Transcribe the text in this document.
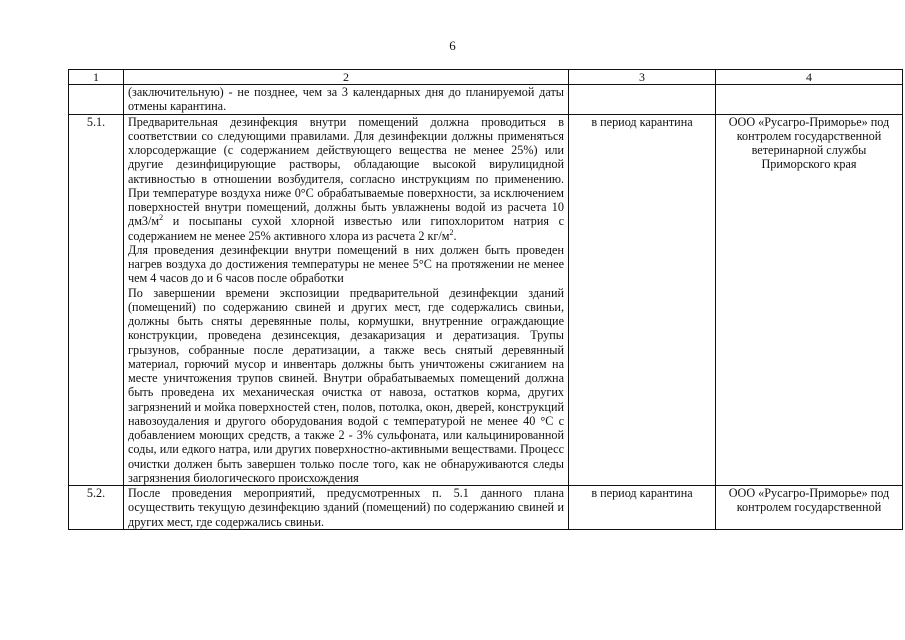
6
1	2	3	4
	(заключительную) - не позднее, чем за 3 календарных дня до планируемой даты отмены карантина.		
5.1.	Предварительная дезинфекция внутри помещений должна проводиться в соответствии со следующими правилами. Для дезинфекции должны применяться хлорсодержащие (с содержанием действующего вещества не менее 25%) или другие дезинфицирующие растворы, обладающие высокой вирулицидной активностью в отношении возбудителя, согласно инструкциям по применению. При температуре воздуха ниже 0°С обрабатываемые поверхности, за исключением поверхностей внутри помещений, должны быть увлажнены водой из расчета 10 $дм3/м^2$ и посыпаны сухой хлорной известью или гипохлоритом натрия с содержанием не менее 25% активного хлора из расчета 2 $кг/м^2$.

Для проведения дезинфекции внутри помещений в них должен быть проведен нагрев воздуха до достижения температуры не менее 5°С на протяжении не менее чем 4 часов до и 6 часов после обработки

По завершении времени экспозиции предварительной дезинфекции зданий (помещений) по содержанию свиней и других мест, где содержались свиньи, должны быть сняты деревянные полы, кормушки, внутренние ограждающие конструкции, проведена дезинсекция, дезакаризация и дератизация. Трупы грызунов, собранные после дератизации, а также весь снятый деревянный материал, горючий мусор и инвентарь должны быть уничтожены сжиганием на месте уничтожения трупов свиней. Внутри обрабатываемых помещений должна быть проведена их механическая очистка от навоза, остатков корма, других загрязнений и мойка поверхностей стен, полов, потолка, окон, дверей, конструкций навозоудаления и другого оборудования водой с температурой не менее 40 °С с добавлением моющих средств, а также 2 - 3% сульфоната, или кальцинированной соды, или едкого натра, или других поверхностно-активными веществами. Процесс очистки должен быть завершен только после того, как не обнаруживаются следы загрязнения биологического происхождения	в период карантина	ООО «Русагро-Приморье» под контролем государственной ветеринарной службы Приморского края
5.2.	После проведения мероприятий, предусмотренных п. 5.1 данного плана осуществить текущую дезинфекцию зданий (помещений) по содержанию свиней и других мест, где содержались свиньи.	в период карантина	ООО «Русагро-Приморье» под контролем государственной
